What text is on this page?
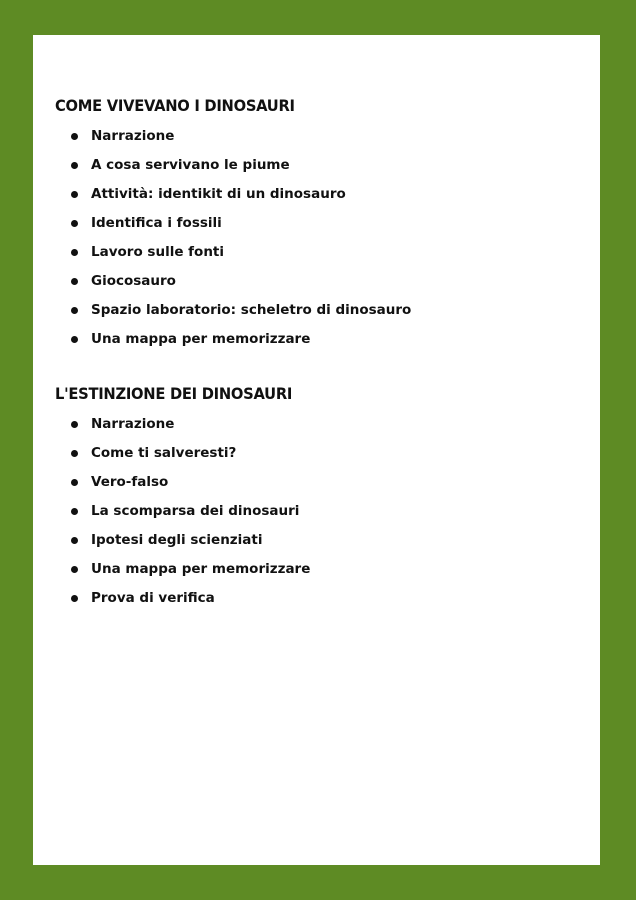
COME VIVEVANO I DINOSAURI
Narrazione
A cosa servivano le piume
Attività: identikit di un dinosauro
Identifica i fossili
Lavoro sulle fonti
Giocosauro
Spazio laboratorio: scheletro di dinosauro
Una mappa per memorizzare
L'ESTINZIONE DEI DINOSAURI
Narrazione
Come ti salveresti?
Vero-falso
La scomparsa dei dinosauri
Ipotesi degli scienziati
Una mappa per memorizzare
Prova di verifica
